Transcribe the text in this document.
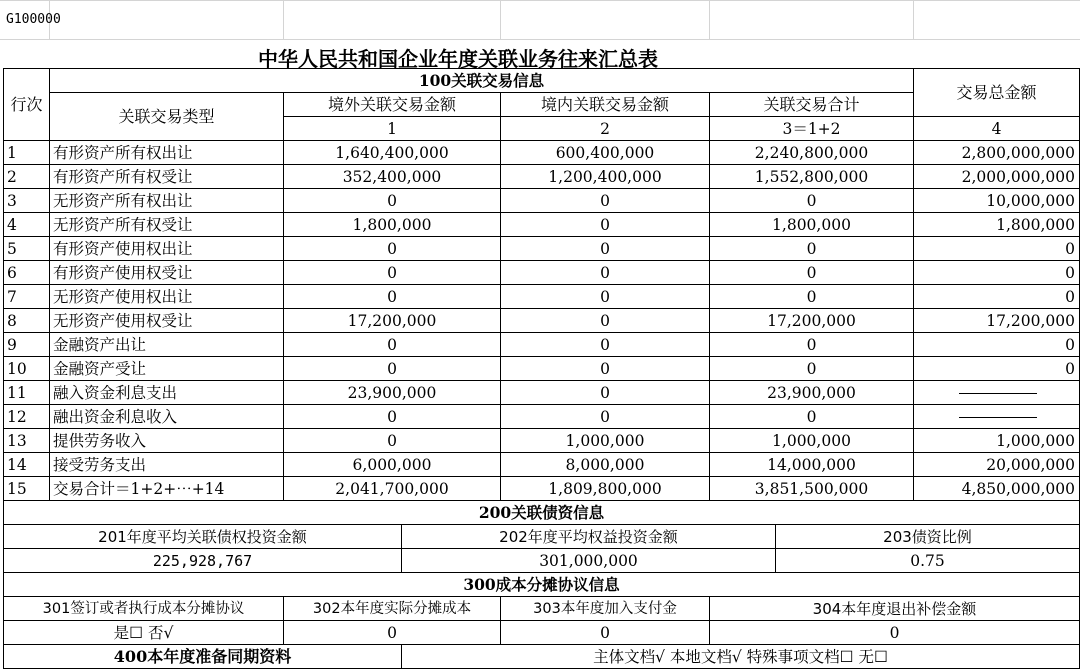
G100000
中华人民共和国企业年度关联业务往来汇总表
行次	100关联交易信息				交易总金额
	关联交易类型	境外关联交易金额	境内关联交易金额	关联交易合计	
		1	2	3＝1+2	4
1	有形资产所有权出让	1,640,400,000	600,400,000	2,240,800,000	2,800,000,000
2	有形资产所有权受让	352,400,000	1,200,400,000	1,552,800,000	2,000,000,000
3	无形资产所有权出让	0	0	0	10,000,000
4	无形资产所有权受让	1,800,000	0	1,800,000	1,800,000
5	有形资产使用权出让	0	0	0	0
6	有形资产使用权受让	0	0	0	0
7	无形资产使用权出让	0	0	0	0
8	无形资产使用权受让	17,200,000	0	17,200,000	17,200,000
9	金融资产出让	0	0	0	0
10	金融资产受让	0	0	0	0
11	融入资金利息支出	23,900,000	0	23,900,000	
12	融出资金利息收入	0	0	0	
13	提供劳务收入	0	1,000,000	1,000,000	1,000,000
14	接受劳务支出	6,000,000	8,000,000	14,000,000	20,000,000
15	交易合计＝1+2+⋯+14	2,041,700,000	1,809,800,000	3,851,500,000	4,850,000,000
200关联债资信息					
201年度平均关联债权投资金额		202年度平均权益投资金额			203债资比例
225,928,767		301,000,000			0.75
300成本分摊协议信息					
301签订或者执行成本分摊协议	302本年度实际分摊成本		303本年度加入支付金	304本年度退出补偿金额	
是☐ 否√	0		0	0	
400本年度准备同期资料		主体文档√ 本地文档√ 特殊事项文档☐ 无☐			
